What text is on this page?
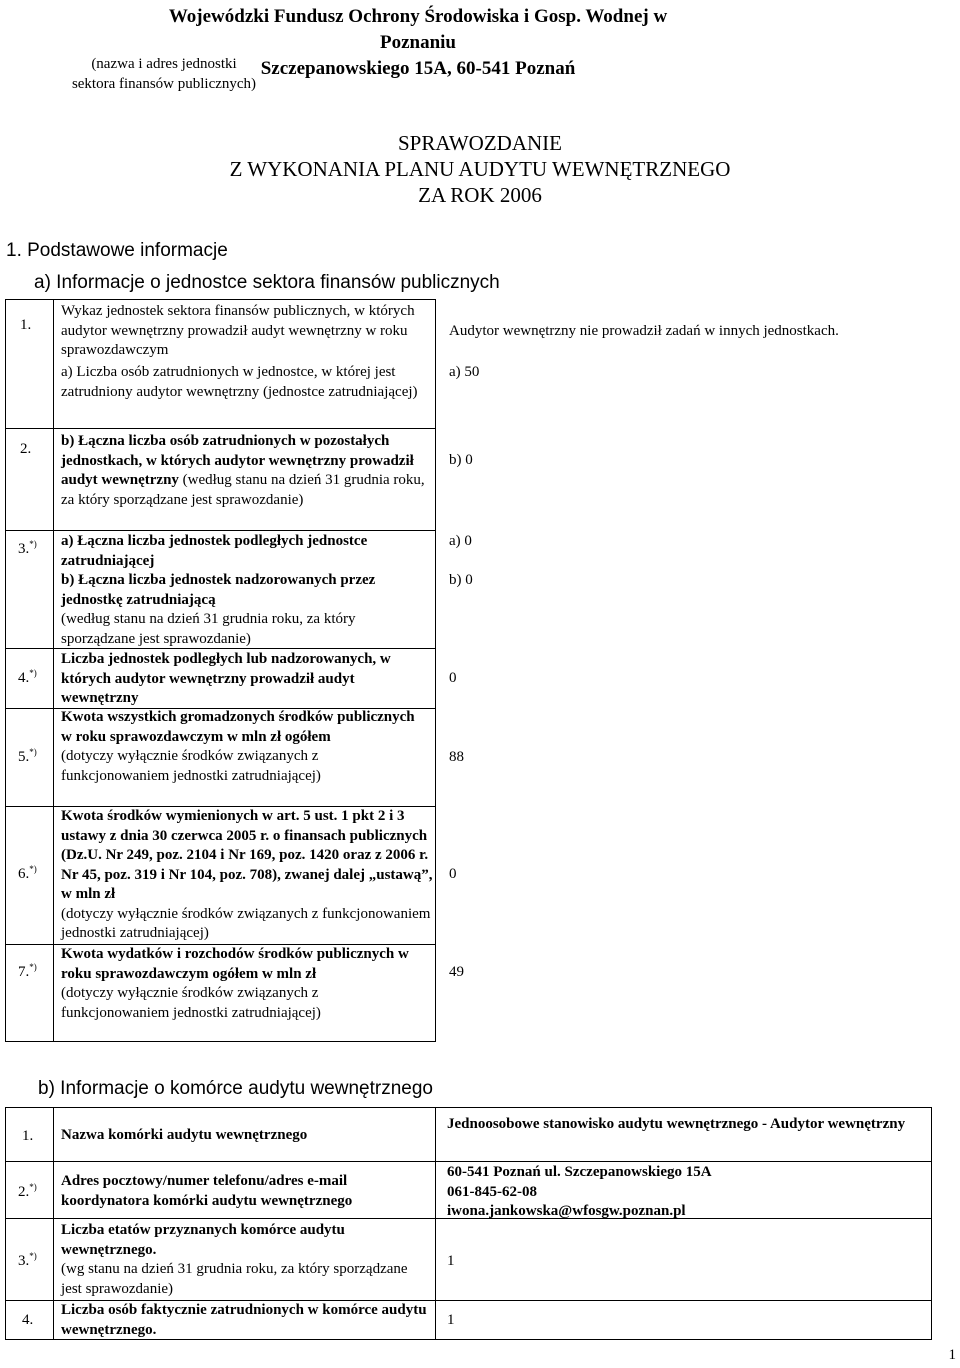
Wojewódzki Fundusz Ochrony Środowiska i Gosp. Wodnej w Poznaniu
Szczepanowskiego 15A, 60-541 Poznań
(nazwa i adres jednostki
sektora finansów publicznych)
SPRAWOZDANIE
Z WYKONANIA PLANU AUDYTU WEWNĘTRZNEGO
ZA ROK 2006
1. Podstawowe informacje
a) Informacje o jednostce sektora finansów publicznych
1.
Wykaz jednostek sektora finansów publicznych, w których audytor wewnętrzny prowadził audyt wewnętrzny w roku sprawozdawczym
a) Liczba osób zatrudnionych w jednostce, w której jest zatrudniony audytor wewnętrzny (jednostce zatrudniającej)
Audytor wewnętrzny nie prowadził zadań w innych jednostkach.
a) 50
2. b) Łączna liczba osób zatrudnionych w pozostałych jednostkach, w których audytor wewnętrzny prowadził audyt wewnętrzny (według stanu na dzień 31 grudnia roku, za który sporządzane jest sprawozdanie)
b) 0
3.*) a) Łączna liczba jednostek podległych jednostce zatrudniającej
a) 0
b) Łączna liczba jednostek nadzorowanych przez jednostkę zatrudniającą
(według stanu na dzień 31 grudnia roku, za który sporządzane jest sprawozdanie)
b) 0
4.*)
Liczba jednostek podległych lub nadzorowanych, w których audytor wewnętrzny prowadził audyt wewnętrzny
0
5.*)
Kwota wszystkich gromadzonych środków publicznych w roku sprawozdawczym w mln zł ogółem
(dotyczy wyłącznie środków związanych z funkcjonowaniem jednostki zatrudniającej)
88
6.*)
Kwota środków wymienionych w art. 5 ust. 1 pkt 2 i 3 ustawy z dnia 30 czerwca 2005 r. o finansach publicznych (Dz.U. Nr 249, poz. 2104 i Nr 169, poz. 1420 oraz z 2006 r. Nr 45, poz. 319 i Nr 104, poz. 708), zwanej dalej „ustawą”, w mln zł
(dotyczy wyłącznie środków związanych z funkcjonowaniem jednostki zatrudniającej)
0
7.*)
Kwota wydatków i rozchodów środków publicznych w roku sprawozdawczym ogółem w mln zł
(dotyczy wyłącznie środków związanych z funkcjonowaniem jednostki zatrudniającej)
49
b) Informacje o komórce audytu wewnętrznego
1. Nazwa komórki audytu wewnętrznego
Jednoosobowe stanowisko audytu wewnętrznego - Audytor wewnętrzny
2.*) Adres pocztowy/numer telefonu/adres e-mail koordynatora komórki audytu wewnętrznego
60-541 Poznań ul. Szczepanowskiego 15A
061-845-62-08
iwona.jankowska@wfosgw.poznan.pl
3.*)
Liczba etatów przyznanych komórce audytu wewnętrznego.
(wg stanu na dzień 31 grudnia roku, za który sporządzane jest sprawozdanie)
1
4.
Liczba osób faktycznie zatrudnionych w komórce audytu wewnętrznego.
1
1
